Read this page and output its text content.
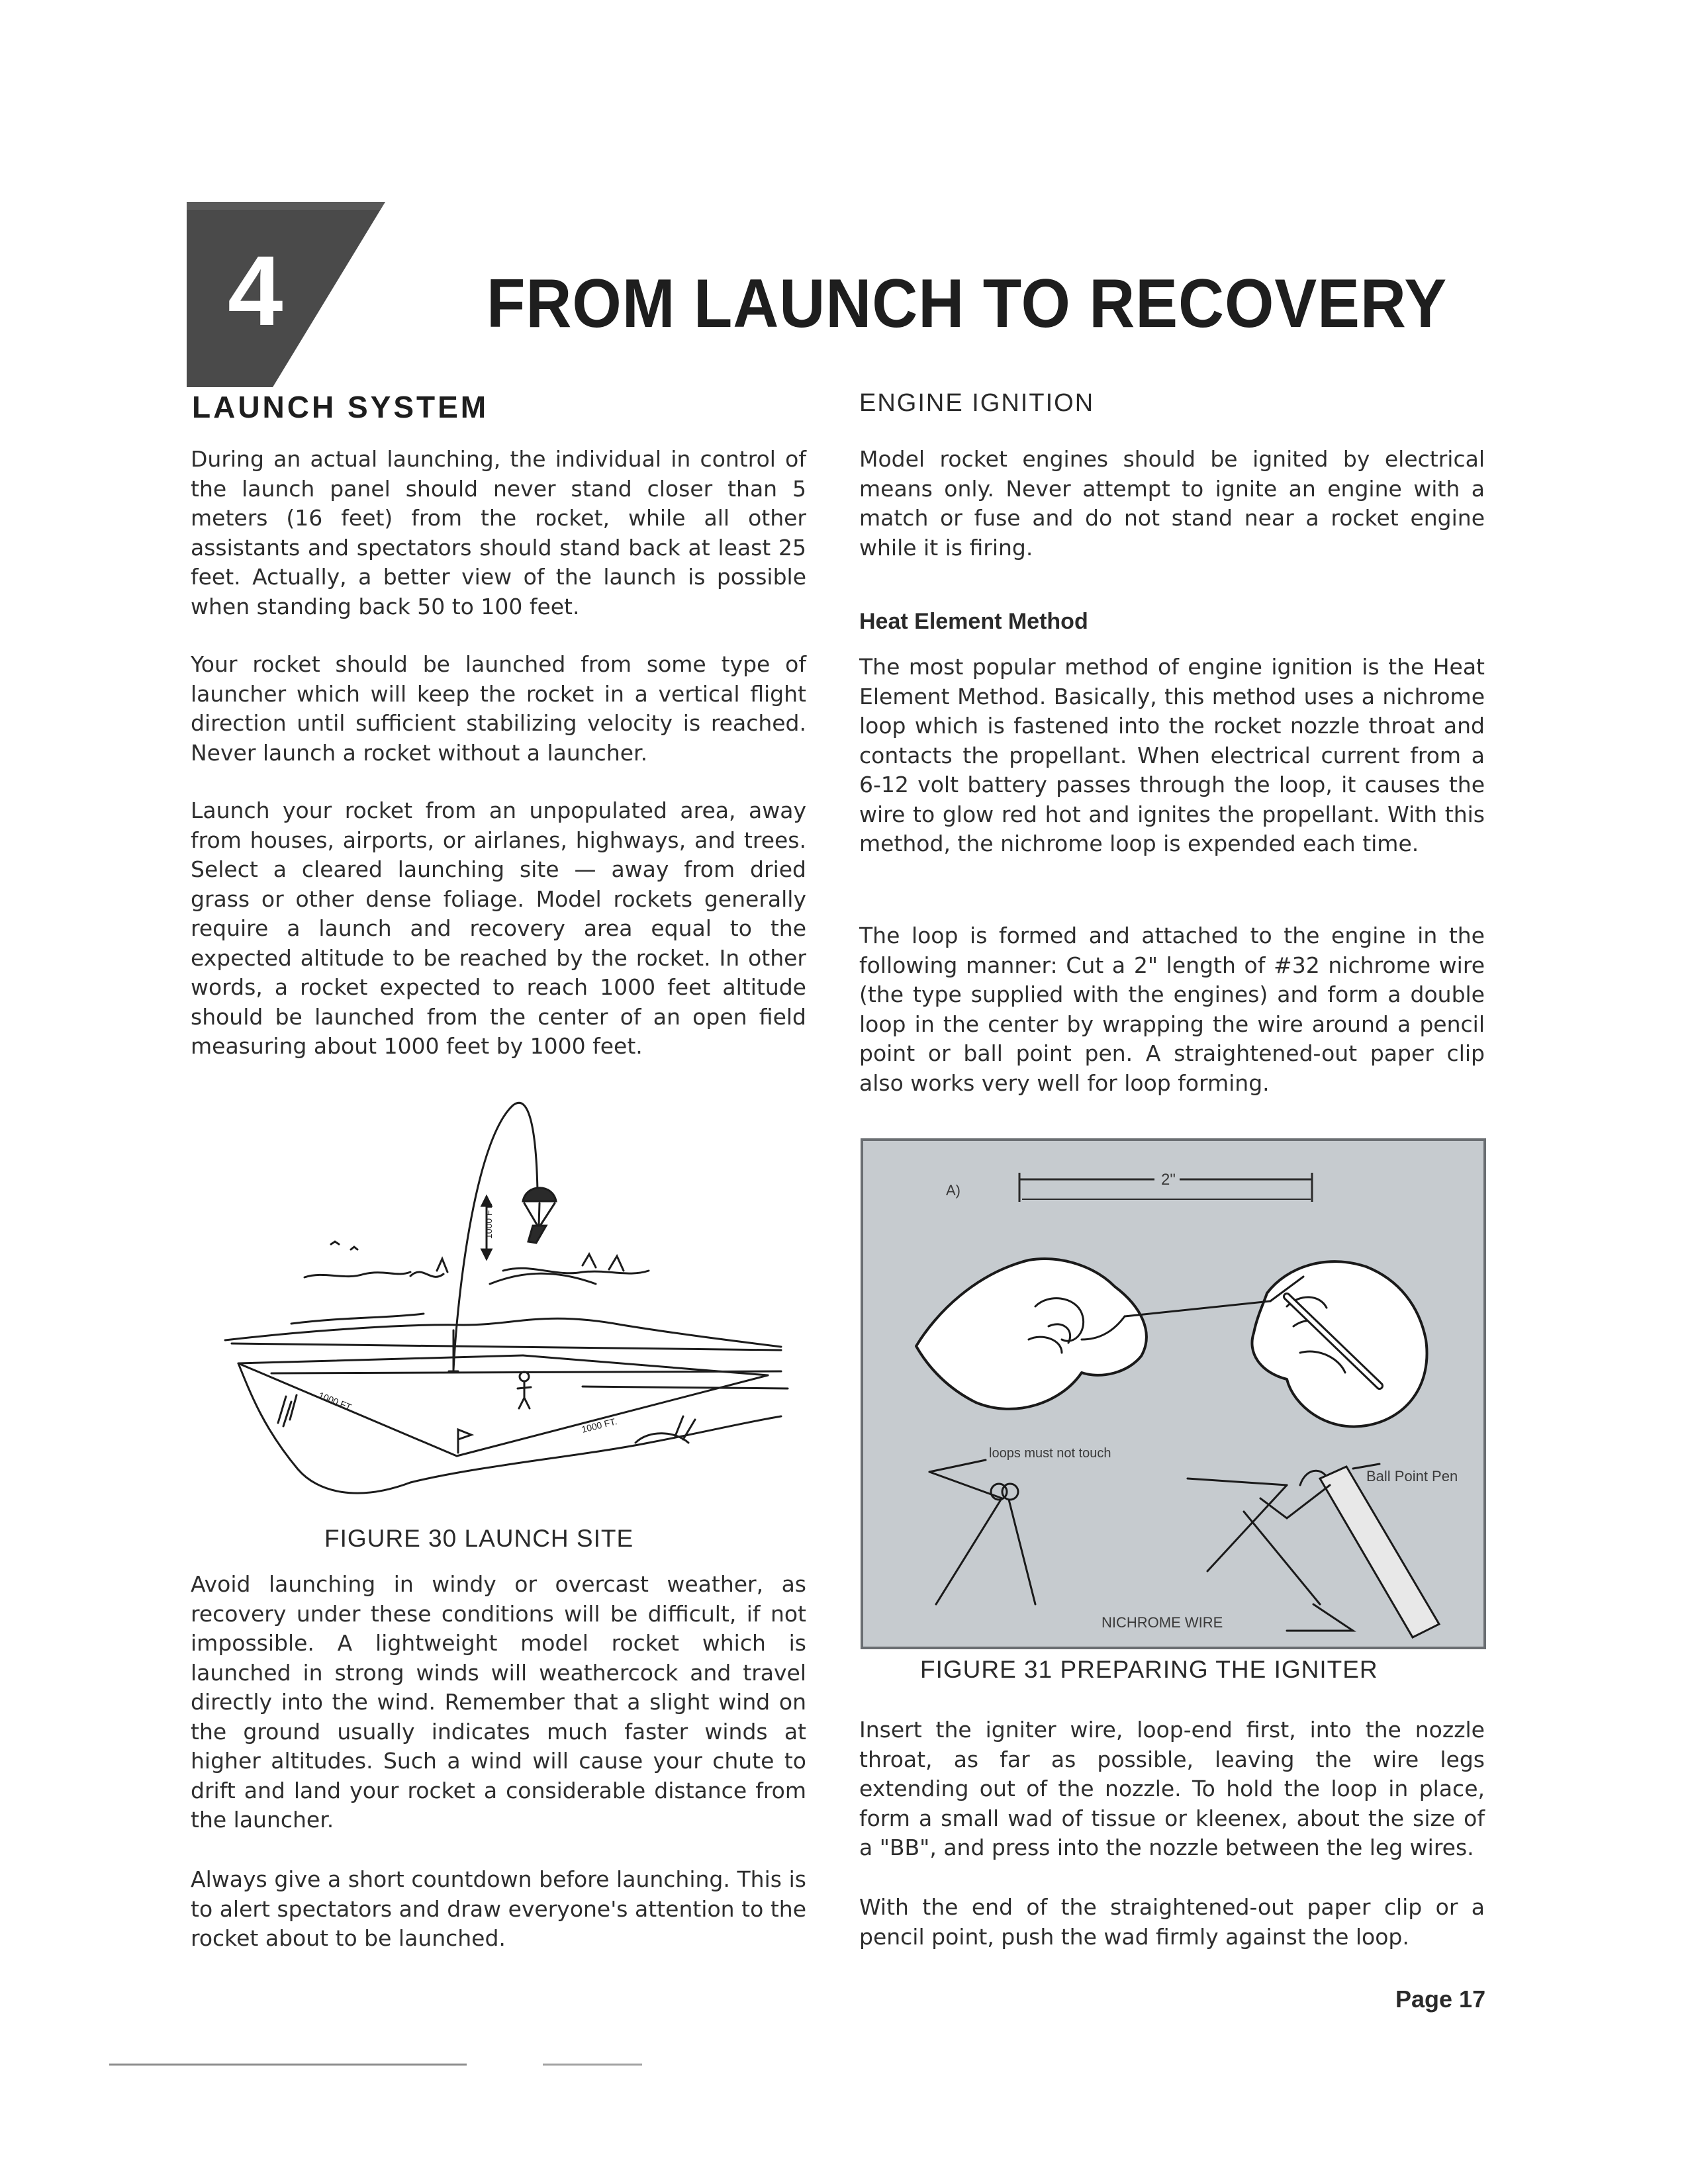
4	FROM LAUNCH TO RECOVERY
LAUNCH SYSTEM
During an actual launching, the individual in control of the launch panel should never stand closer than 5 meters (16 feet) from the rocket, while all other assistants and spectators should stand back at least 25 feet. Actually, a better view of the launch is possible when standing back 50 to 100 feet.
Your rocket should be launched from some type of launcher which will keep the rocket in a vertical flight direction until sufficient stabilizing velocity is reached. Never launch a rocket without a launcher.
Launch your rocket from an unpopulated area, away from houses, airports, or airlanes, highways, and trees. Select a cleared launching site — away from dried grass or other dense foliage. Model rockets generally require a launch and recovery area equal to the expected altitude to be reached by the rocket. In other words, a rocket expected to reach 1000 feet altitude should be launched from the center of an open field measuring about 1000 feet by 1000 feet.
1000 FT.
1000 FT.
1000 FT.
FIGURE 30 LAUNCH SITE
Avoid launching in windy or overcast weather, as recovery under these conditions will be difficult, if not impossible. A lightweight model rocket which is launched in strong winds will weathercock and travel directly into the wind. Remember that a slight wind on the ground usually indicates much faster winds at higher altitudes. Such a wind will cause your chute to drift and land your rocket a considerable distance from the launcher.
Always give a short countdown before launching. This is to alert spectators and draw everyone's attention to the rocket about to be launched.
ENGINE IGNITION
Model rocket engines should be ignited by electrical means only. Never attempt to ignite an engine with a match or fuse and do not stand near a rocket engine while it is firing.
Heat Element Method
The most popular method of engine ignition is the Heat Element Method. Basically, this method uses a nichrome loop which is fastened into the rocket nozzle throat and contacts the propellant. When electrical current from a 6-12 volt battery passes through the loop, it causes the wire to glow red hot and ignites the propellant. With this method, the nichrome loop is expended each time.
The loop is formed and attached to the engine in the following manner: Cut a 2" length of #32 nichrome wire (the type supplied with the engines) and form a double loop in the center by wrapping the wire around a pencil point or ball point pen. A straightened-out paper clip also works very well for loop forming.
A)
2"
loops must not touch
Ball Point Pen
NICHROME WIRE
FIGURE 31 PREPARING THE IGNITER
Insert the igniter wire, loop-end first, into the nozzle throat, as far as possible, leaving the wire legs extending out of the nozzle. To hold the loop in place, form a small wad of tissue or kleenex, about the size of a "BB", and press into the nozzle between the leg wires.
With the end of the straightened-out paper clip or a pencil point, push the wad firmly against the loop.
Page 17
